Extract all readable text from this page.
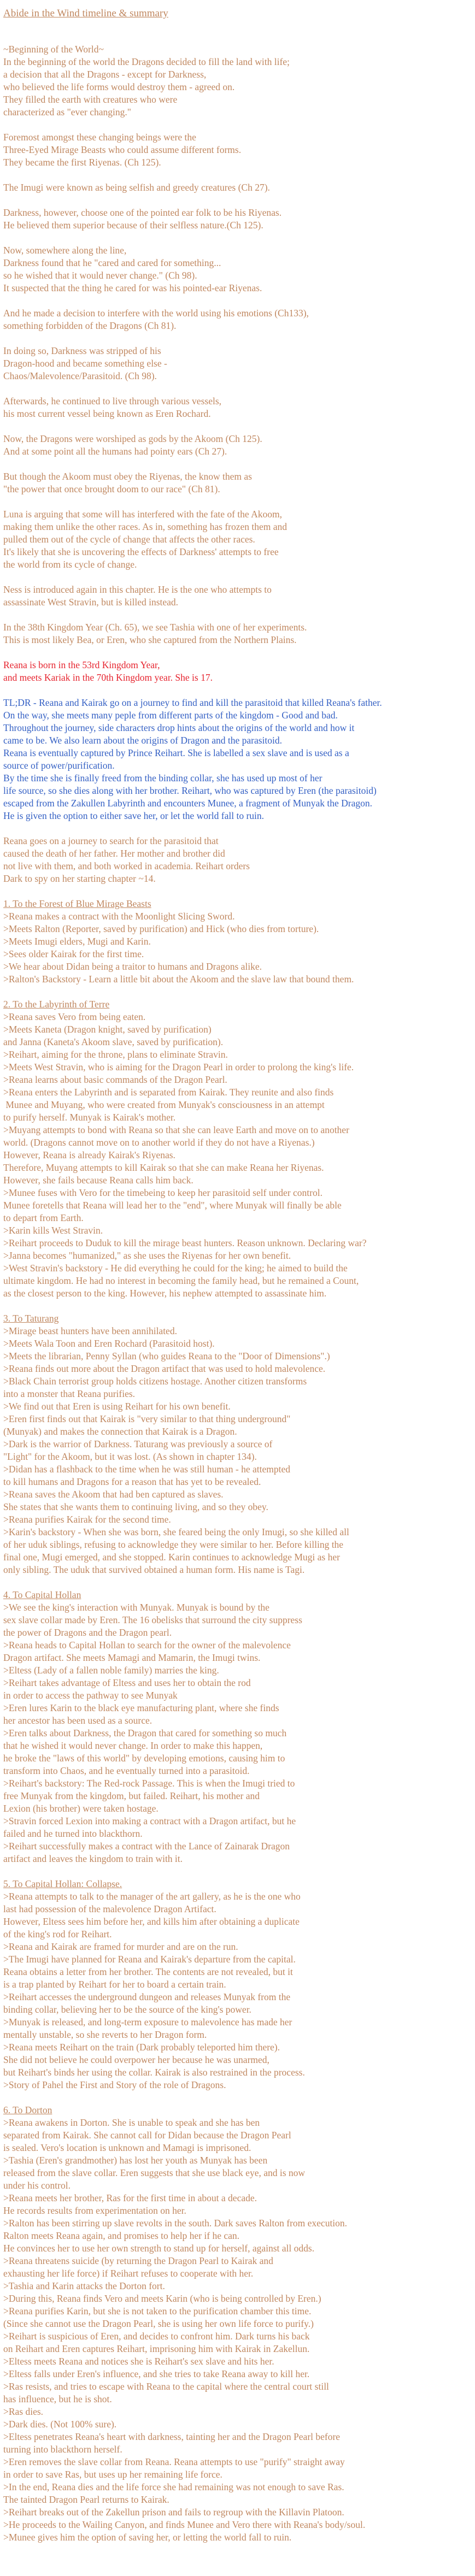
Abide in the Wind timeline & summary
~Beginning of the World~
In the beginning of the world the Dragons decided to fill the land with life;
a decision that all the Dragons - except for Darkness,
who believed the life forms would destroy them - agreed on.
They filled the earth with creatures who were
characterized as "ever changing."
Foremost amongst these changing beings were the
Three-Eyed Mirage Beasts who could assume different forms.
They became the first Riyenas. (Ch 125).
The Imugi were known as being selfish and greedy creatures (Ch 27).
Darkness, however, choose one of the pointed ear folk to be his Riyenas.
He believed them superior because of their selfless nature.(Ch 125).
Now, somewhere along the line,
Darkness found that he "cared and cared for something...
so he wished that it would never change." (Ch 98).
It suspected that the thing he cared for was his pointed-ear Riyenas.
And he made a decision to interfere with the world using his emotions (Ch133),
something forbidden of the Dragons (Ch 81).
In doing so, Darkness was stripped of his
Dragon-hood and became something else -
Chaos/Malevolence/Parasitoid. (Ch 98).
Afterwards, he continued to live through various vessels,
his most current vessel being known as Eren Rochard.
Now, the Dragons were worshiped as gods by the Akoom (Ch 125).
And at some point all the humans had pointy ears (Ch 27).
But though the Akoom must obey the Riyenas, the know them as
"the power that once brought doom to our race" (Ch 81).
Luna is arguing that some will has interfered with the fate of the Akoom,
making them unlike the other races. As in, something has frozen them and
pulled them out of the cycle of change that affects the other races.
It's likely that she is uncovering the effects of Darkness' attempts to free
the world from its cycle of change.
Ness is introduced again in this chapter. He is the one who attempts to
assassinate West Stravin, but is killed instead.
In the 38th Kingdom Year (Ch. 65), we see Tashia with one of her experiments.
This is most likely Bea, or Eren, who she captured from the Northern Plains.
Reana is born in the 53rd Kingdom Year,
and meets Kariak in the 70th Kingdom year. She is 17.
TL;DR - Reana and Kairak go on a journey to find and kill the parasitoid that killed Reana's father.
On the way, she meets many peple from different parts of the kingdom - Good and bad.
Throughout the journey, side characters drop hints about the origins of the world and how it
came to be. We also learn about the origins of Dragon and the parasitoid.
Reana is eventually captured by Prince Reihart. She is labelled a sex slave and is used as a
source of power/purification.
By the time she is finally freed from the binding collar, she has used up most of her
life source, so she dies along with her brother. Reihart, who was captured by Eren (the parasitoid)
escaped from the Zakullen Labyrinth and encounters Munee, a fragment of Munyak the Dragon.
He is given the option to either save her, or let the world fall to ruin.
Reana goes on a journey to search for the parasitoid that
caused the death of her father. Her mother and brother did
not live with them, and both worked in academia. Reihart orders
Dark to spy on her starting chapter ~14.
1. To the Forest of Blue Mirage Beasts
>Reana makes a contract with the Moonlight Slicing Sword.
>Meets Ralton (Reporter, saved by purification) and Hick (who dies from torture).
>Meets Imugi elders, Mugi and Karin.
>Sees older Kairak for the first time.
>We hear about Didan being a traitor to humans and Dragons alike.
>Ralton's Backstory - Learn a little bit about the Akoom and the slave law that bound them.
2. To the Labyrinth of Terre
>Reana saves Vero from being eaten.
>Meets Kaneta (Dragon knight, saved by purification)
and Janna (Kaneta's Akoom slave, saved by purification).
>Reihart, aiming for the throne, plans to eliminate Stravin.
>Meets West Stravin, who is aiming for the Dragon Pearl in order to prolong the king's life.
>Reana learns about basic commands of the Dragon Pearl.
>Reana enters the Labyrinth and is separated from Kairak. They reunite and also finds
Munee and Muyang, who were created from Munyak's consciousness in an attempt
to purify herself. Munyak is Kairak's mother.
>Muyang attempts to bond with Reana so that she can leave Earth and move on to another
world. (Dragons cannot move on to another world if they do not have a Riyenas.)
However, Reana is already Kairak's Riyenas.
Therefore, Muyang attempts to kill Kairak so that she can make Reana her Riyenas.
However, she fails because Reana calls him back.
>Munee fuses with Vero for the timebeing to keep her parasitoid self under control.
Munee foretells that Reana will lead her to the "end", where Munyak will finally be able
to depart from Earth.
>Karin kills West Stravin.
>Reihart proceeds to Duduk to kill the mirage beast hunters. Reason unknown. Declaring war?
>Janna becomes "humanized," as she uses the Riyenas for her own benefit.
>West Stravin's backstory - He did everything he could for the king; he aimed to build the
ultimate kingdom. He had no interest in becoming the family head, but he remained a Count,
as the closest person to the king. However, his nephew attempted to assassinate him.
3. To Taturang
>Mirage beast hunters have been annihilated.
>Meets Wala Toon and Eren Rochard (Parasitoid host).
>Meets the librarian, Penny Syllan (who guides Reana to the "Door of Dimensions".)
>Reana finds out more about the Dragon artifact that was used to hold malevolence.
>Black Chain terrorist group holds citizens hostage. Another citizen transforms
into a monster that Reana purifies.
>We find out that Eren is using Reihart for his own benefit.
>Eren first finds out that Kairak is "very similar to that thing underground"
(Munyak) and makes the connection that Kairak is a Dragon.
>Dark is the warrior of Darkness. Taturang was previously a source of
"Light" for the Akoom, but it was lost. (As shown in chapter 134).
>Didan has a flashback to the time when he was still human - he attempted
to kill humans and Dragons for a reason that has yet to be revealed.
>Reana saves the Akoom that had ben captured as slaves.
She states that she wants them to continuing living, and so they obey.
>Reana purifies Kairak for the second time.
>Karin's backstory - When she was born, she feared being the only Imugi, so she killed all
of her uduk siblings, refusing to acknowledge they were similar to her. Before killing the
final one, Mugi emerged, and she stopped. Karin continues to acknowledge Mugi as her
only sibling. The uduk that survived obtained a human form. His name is Tagi.
4. To Capital Hollan
>We see the king's interaction with Munyak. Munyak is bound by the
sex slave collar made by Eren. The 16 obelisks that surround the city suppress
the power of Dragons and the Dragon pearl.
>Reana heads to Capital Hollan to search for the owner of the malevolence
Dragon artifact. She meets Mamagi and Mamarin, the Imugi twins.
>Eltess (Lady of a fallen noble family) marries the king.
>Reihart takes advantage of Eltess and uses her to obtain the rod
in order to access the pathway to see Munyak
>Eren lures Karin to the black eye manufacturing plant, where she finds
her ancestor has been used as a source.
>Eren talks about Darkness, the Dragon that cared for something so much
that he wished it would never change. In order to make this happen,
he broke the "laws of this world" by developing emotions, causing him to
transform into Chaos, and he eventually turned into a parasitoid.
>Reihart's backstory: The Red-rock Passage. This is when the Imugi tried to
free Munyak from the kingdom, but failed. Reihart, his mother and
Lexion (his brother) were taken hostage.
>Stravin forced Lexion into making a contract with a Dragon artifact, but he
failed and he turned into blackthorn.
>Reihart successfully makes a contract with the Lance of Zainarak Dragon
artifact and leaves the kingdom to train with it.
5. To Capital Hollan: Collapse.
>Reana attempts to talk to the manager of the art gallery, as he is the one who
last had possession of the malevolence Dragon Artifact.
However, Eltess sees him before her, and kills him after obtaining a duplicate
of the king's rod for Reihart.
>Reana and Kairak are framed for murder and are on the run.
>The Imugi have planned for Reana and Kairak's departure from the capital.
Reana obtains a letter from her brother. The contents are not revealed, but it
is a trap planted by Reihart for her to board a certain train.
>Reihart accesses the underground dungeon and releases Munyak from the
binding collar, believing her to be the source of the king's power.
>Munyak is released, and long-term exposure to malevolence has made her
mentally unstable, so she reverts to her Dragon form.
>Reana meets Reihart on the train (Dark probably teleported him there).
She did not believe he could overpower her because he was unarmed,
but Reihart's binds her using the collar. Kairak is also restrained in the process.
>Story of Pahel the First and Story of the role of Dragons.
6. To Dorton
>Reana awakens in Dorton. She is unable to speak and she has ben
separated from Kairak. She cannot call for Didan because the Dragon Pearl
is sealed. Vero's location is unknown and Mamagi is imprisoned.
>Tashia (Eren's grandmother) has lost her youth as Munyak has been
released from the slave collar. Eren suggests that she use black eye, and is now
under his control.
>Reana meets her brother, Ras for the first time in about a decade.
He records results from experimentation on her.
>Ralton has been stirring up slave revolts in the south. Dark saves Ralton from execution.
Ralton meets Reana again, and promises to help her if he can.
He convinces her to use her own strength to stand up for herself, against all odds.
>Reana threatens suicide (by returning the Dragon Pearl to Kairak and
exhausting her life force) if Reihart refuses to cooperate with her.
>Tashia and Karin attacks the Dorton fort.
>During this, Reana finds Vero and meets Karin (who is being controlled by Eren.)
>Reana purifies Karin, but she is not taken to the purification chamber this time.
(Since she cannot use the Dragon Pearl, she is using her own life force to purify.)
>Reihart is suspicious of Eren, and decides to confront him. Dark turns his back
on Reihart and Eren captures Reihart, imprisoning him with Kairak in Zakellun.
>Eltess meets Reana and notices she is Reihart's sex slave and hits her.
>Eltess falls under Eren's influence, and she tries to take Reana away to kill her.
>Ras resists, and tries to escape with Reana to the capital where the central court still
has influence, but he is shot.
>Ras dies.
>Dark dies. (Not 100% sure).
>Eltess penetrates Reana's heart with darkness, tainting her and the Dragon Pearl before
turning into blackthorn herself.
>Eren removes the slave collar from Reana. Reana attempts to use "purify" straight away
in order to save Ras, but uses up her remaining life force.
>In the end, Reana dies and the life force she had remaining was not enough to save Ras.
The tainted Dragon Pearl returns to Kairak.
>Reihart breaks out of the Zakellun prison and fails to regroup with the Killavin Platoon.
>He proceeds to the Wailing Canyon, and finds Munee and Vero there with Reana's body/soul.
>Munee gives him the option of saving her, or letting the world fall to ruin.
